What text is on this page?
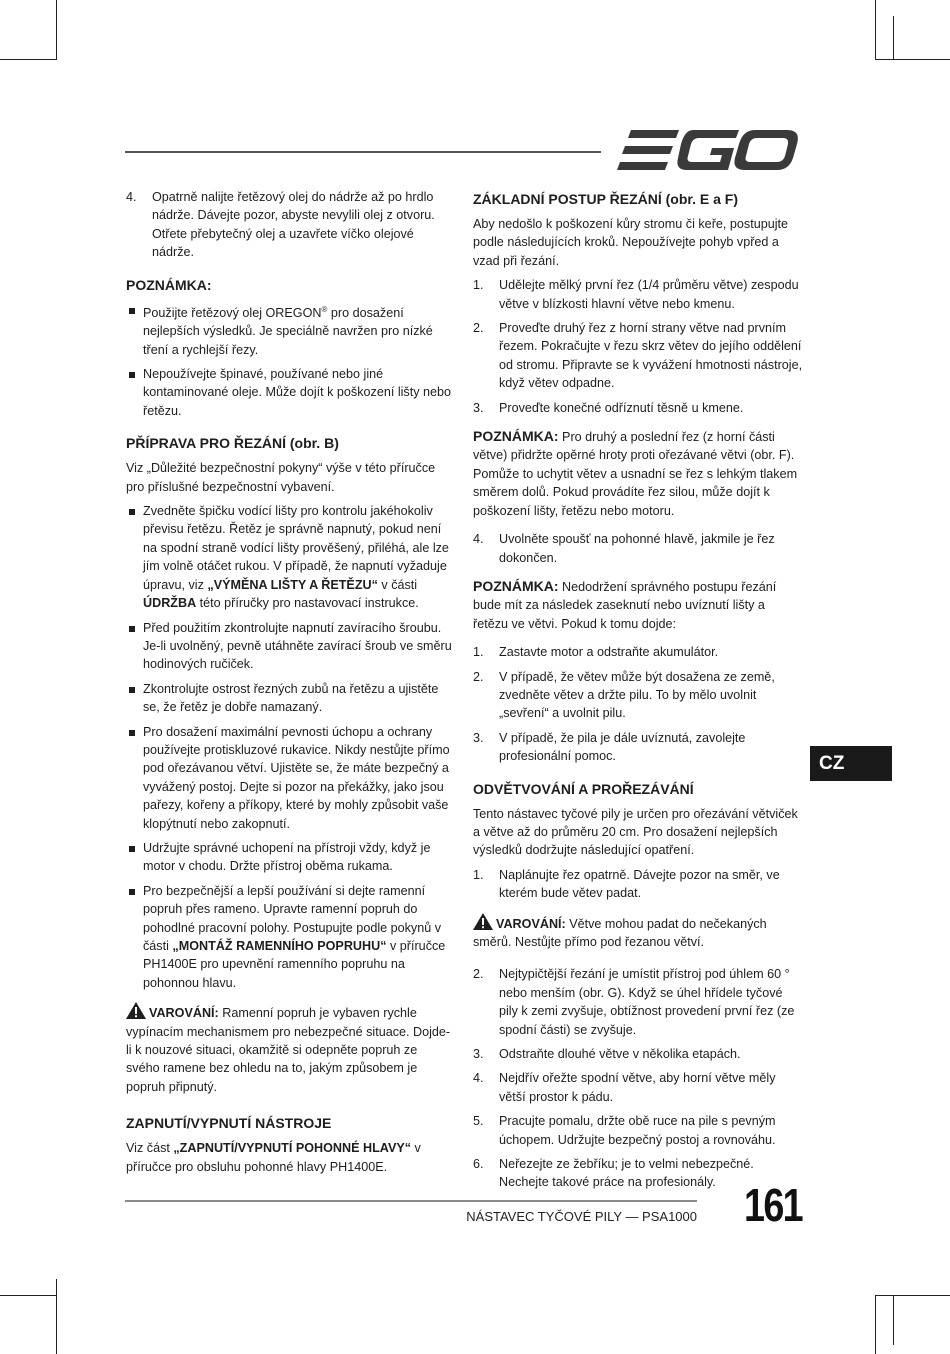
4. Opatrně nalijte řetězový olej do nádrže až po hrdlo nádrže. Dávejte pozor, abyste nevylili olej z otvoru. Otřete přebytečný olej a uzavřete víčko olejové nádrže.
POZNÁMKA:
Použijte řetězový olej OREGON® pro dosažení nejlepších výsledků. Je speciálně navržen pro nízké tření a rychlejší řezy.
Nepoužívejte špinavé, používané nebo jiné kontaminované oleje. Může dojít k poškození lišty nebo řetězu.
PŘÍPRAVA PRO ŘEZÁNÍ (obr. B)

Viz „Důležité bezpečnostní pokyny“ výše v této příručce pro příslušné bezpečnostní vybavení.

Zvedněte špičku vodící lišty pro kontrolu jakéhokoliv převisu řetězu. Řetěz je správně napnutý, pokud není na spodní straně vodící lišty prověšený, přiléhá, ale lze jím volně otáčet rukou. V případě, že napnutí vyžaduje úpravu, viz „VÝMĚNA LIŠTY A ŘETĚZU“ v části ÚDRŽBA této příručky pro nastavovací instrukce.
Před použitím zkontrolujte napnutí zavíracího šroubu. Je-li uvolněný, pevně utáhněte zavírací šroub ve směru hodinových ručiček.
Zkontrolujte ostrost řezných zubů na řetězu a ujistěte se, že řetěz je dobře namazaný.
Pro dosažení maximální pevnosti úchopu a ochrany používejte protiskluzové rukavice. Nikdy nestůjte přímo pod ořezávanou větví. Ujistěte se, že máte bezpečný a vyvážený postoj. Dejte si pozor na překážky, jako jsou pařezy, kořeny a příkopy, které by mohly způsobit vaše klopýtnutí nebo zakopnutí.
Udržujte správné uchopení na přístroji vždy, když je motor v chodu. Držte přístroj oběma rukama.
Pro bezpečnější a lepší používání si dejte ramenní popruh přes rameno. Upravte ramenní popruh do pohodlné pracovní polohy. Postupujte podle pokynů v části „MONTÁŽ RAMENNÍHO POPRUHU“ v příručce PH1400E pro upevnění ramenního popruhu na pohonnou hlavu.

VAROVÁNÍ: Ramenní popruh je vybaven rychle vypínacím mechanismem pro nebezpečné situace. Dojde-li k nouzové situaci, okamžitě si odepněte popruh ze svého ramene bez ohledu na to, jakým způsobem je popruh připnutý.

ZAPNUTÍ/VYPNUTÍ NÁSTROJE

Viz část „ZAPNUTÍ/VYPNUTÍ POHONNÉ HLAVY“ v příručce pro obsluhu pohonné hlavy PH1400E.

ZÁKLADNÍ POSTUP ŘEZÁNÍ (obr. E a F)

Aby nedošlo k poškození kůry stromu či keře, postupujte podle následujících kroků. Nepoužívejte pohyb vpřed a vzad při řezání.

1. Udělejte mělký první řez (1/4 průměru větve) zespodu větve v blízkosti hlavní větve nebo kmenu.
2. Proveďte druhý řez z horní strany větve nad prvním řezem. Pokračujte v řezu skrz větev do jejího oddělení od stromu. Připravte se k vyvážení hmotnosti nástroje, když větev odpadne.
3. Proveďte konečné odříznutí těsně u kmene.

POZNÁMKA: Pro druhý a poslední řez (z horní části větve) přidržte opěrné hroty proti ořezávané větvi (obr. F). Pomůže to uchytit větev a usnadní se řez s lehkým tlakem směrem dolů. Pokud provádíte řez silou, může dojít k poškození lišty, řetězu nebo motoru.

4. Uvolněte spoušť na pohonné hlavě, jakmile je řez dokončen.

POZNÁMKA: Nedodržení správného postupu řezání bude mít za následek zaseknutí nebo uvíznutí lišty a řetězu ve větvi. Pokud k tomu dojde:

1. Zastavte motor a odstraňte akumulátor.
2. V případě, že větev může být dosažena ze země, zvedněte větev a držte pilu. To by mělo uvolnit „sevření“ a uvolnit pilu.
3. V případě, že pila je dále uvíznutá, zavolejte profesionální pomoc.
ODVĚTVOVÁNÍ A PROŘEZÁVÁNÍ

Tento nástavec tyčové pily je určen pro ořezávání větviček a větve až do průměru 20 cm. Pro dosažení nejlepších výsledků dodržujte následující opatření.

1. Naplánujte řez opatrně. Dávejte pozor na směr, ve kterém bude větev padat.

VAROVÁNÍ: Větve mohou padat do nečekaných směrů. Nestůjte přímo pod řezanou větví.

2. Nejtypičtější řezání je umístit přístroj pod úhlem 60 ° nebo menším (obr. G). Když se úhel hřídele tyčové pily k zemi zvyšuje, obtížnost provedení první řez (ze spodní části) se zvyšuje.
3. Odstraňte dlouhé větve v několika etapách.
4. Nejdřív ořežte spodní větve, aby horní větve měly větší prostor k pádu.
5. Pracujte pomalu, držte obě ruce na pile s pevným úchopem. Udržujte bezpečný postoj a rovnováhu.
6. Neřezejte ze žebříku; je to velmi nebezpečné. Nechejte takové práce na profesionály.
CZ
NÁSTAVEC TYČOVÉ PILY — PSA1000 161
